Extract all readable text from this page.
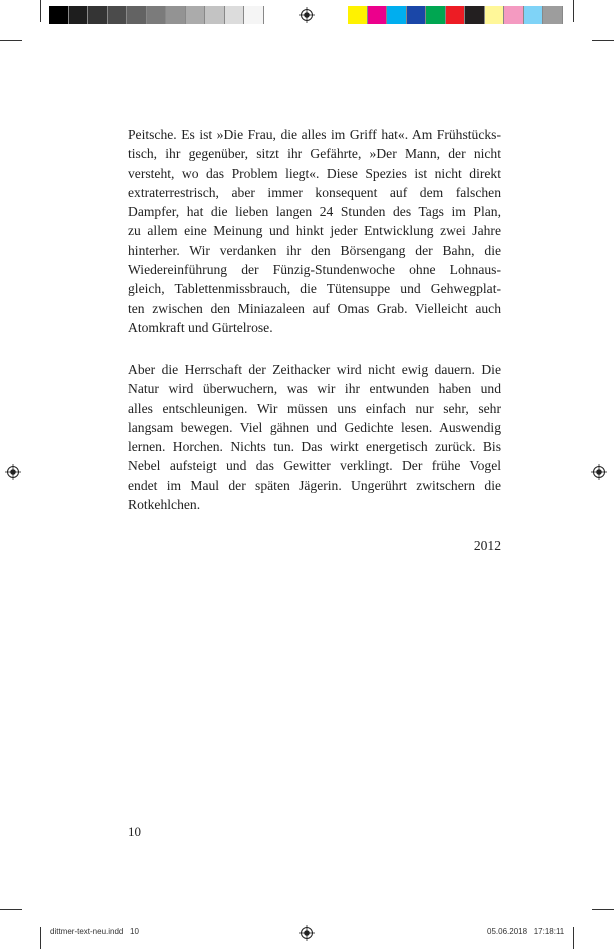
Peitsche. Es ist »Die Frau, die alles im Griff hat«. Am Frühstücks-
tisch, ihr gegenüber, sitzt ihr Gefährte, »Der Mann, der nicht
versteht, wo das Problem liegt«. Diese Spezies ist nicht direkt
extraterrestrisch, aber immer konsequent auf dem falschen
Dampfer, hat die lieben langen 24 Stunden des Tags im Plan,
zu allem eine Meinung und hinkt jeder Entwicklung zwei Jahre
hinterher. Wir verdanken ihr den Börsengang der Bahn, die
Wiedereinführung der Fünzig-Stundenwoche ohne Lohnaus-
gleich, Tablettenmissbrauch, die Tütensuppe und Gehwegplat-
ten zwischen den Miniazaleen auf Omas Grab. Vielleicht auch
Atomkraft und Gürtelrose.
Aber die Herrschaft der Zeithacker wird nicht ewig dauern. Die
Natur wird überwuchern, was wir ihr entwunden haben und
alles entschleunigen. Wir müssen uns einfach nur sehr, sehr
langsam bewegen. Viel gähnen und Gedichte lesen. Auswendig
lernen. Horchen. Nichts tun. Das wirkt energetisch zurück. Bis
Nebel aufsteigt und das Gewitter verklingt. Der frühe Vogel
endet im Maul der späten Jägerin. Ungerührt zwitschern die
Rotkehlchen.
2012
10
dittmer-text-neu.indd   10	05.06.2018   17:18:11
